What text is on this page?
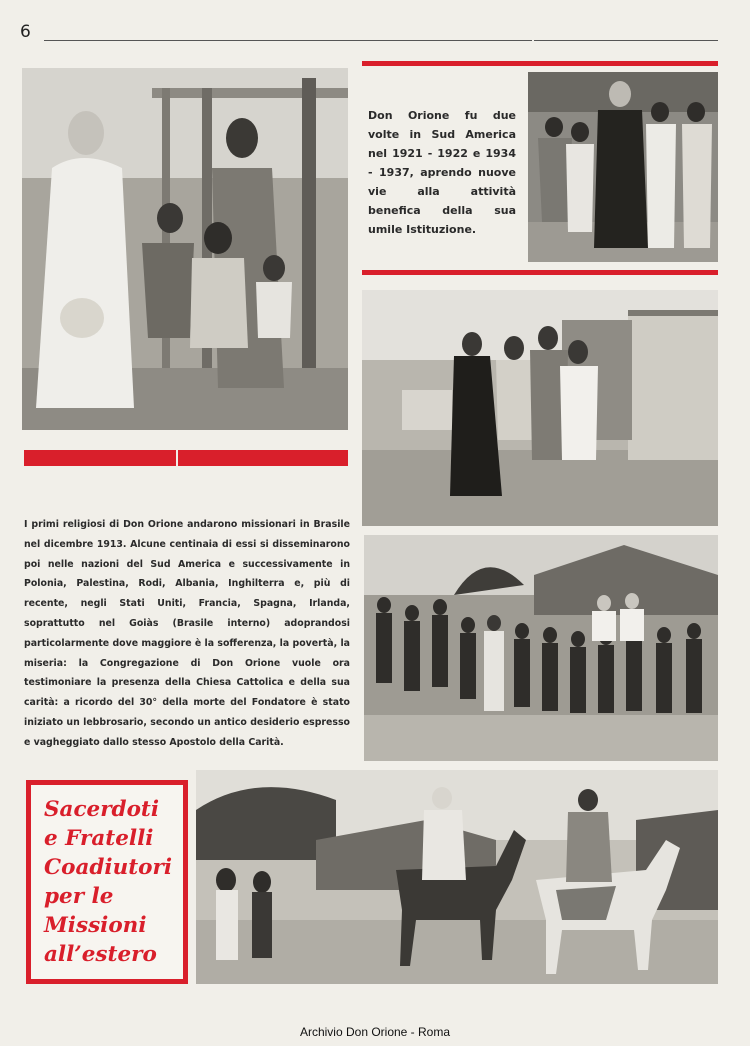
6
Don Orione fu due volte in Sud America nel 1921 - 1922 e 1934 - 1937, aprendo nuove vie alla attività benefica della sua umile Istituzione.
I primi religiosi di Don Orione andarono missionari in Brasile nel dicembre 1913. Alcune centinaia di essi si disseminarono poi nelle nazioni del Sud America e successivamente in Polonia, Palestina, Rodi, Albania, Inghilterra e, più di recente, negli Stati Uniti, Francia, Spagna, Irlanda, soprattutto nel Goiàs (Brasile interno) adoprandosi particolarmente dove maggiore è la sofferenza, la povertà, la miseria: la Congregazione di Don Orione vuole ora testimoniare la presenza della Chiesa Cattolica e della sua carità: a ricordo del 30° della morte del Fondatore è stato iniziato un lebbrosario, secondo un antico desiderio espresso e vagheggiato dallo stesso Apostolo della Carità.
Sacerdoti
e Fratelli
Coadiutori
per le
Missioni
all’estero
Archivio Don Orione - Roma
